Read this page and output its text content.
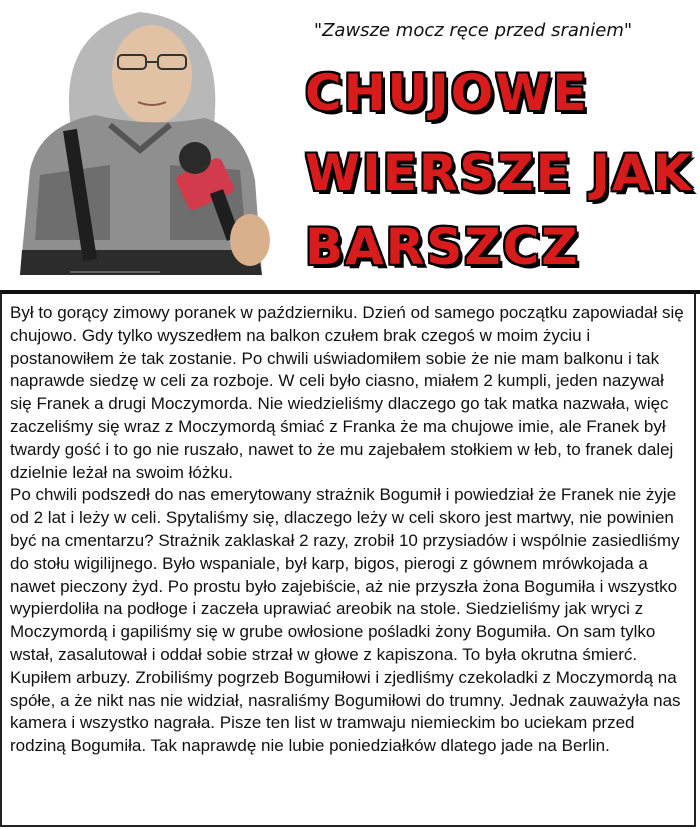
"Zawsze mocz ręce przed sraniem"
CHUJOWE
WIERSZE JAK
BARSZCZ
Był to gorący zimowy poranek w październiku. Dzień od samego początku zapowiadał się chujowo. Gdy tylko wyszedłem na balkon czułem brak czegoś w moim życiu i postanowiłem że tak zostanie. Po chwili uświadomiłem sobie że nie mam balkonu i tak naprawde siedzę w celi za rozboje. W celi było ciasno, miałem 2 kumpli, jeden nazywał się Franek a drugi Moczymorda. Nie wiedzieliśmy dlaczego go tak matka nazwała, więc zaczeliśmy się wraz z Moczymordą śmiać z Franka że ma chujowe imie, ale Franek był twardy gość i to go nie ruszało, nawet to że mu zajebałem stołkiem w łeb, to franek dalej dzielnie leżał na swoim łóżku.
Po chwili podszedł do nas emerytowany strażnik Bogumił i powiedział że Franek nie żyje od 2 lat i leży w celi. Spytaliśmy się, dlaczego leży w celi skoro jest martwy, nie powinien być na cmentarzu? Strażnik zaklaskał 2 razy, zrobił 10 przysiadów i wspólnie zasiedliśmy do stołu wigilijnego. Było wspaniale, był karp, bigos, pierogi z gównem mrówkojada a nawet pieczony żyd. Po prostu było zajebiście, aż nie przyszła żona Bogumiła i wszystko wypierdoliła na podłoge i zaczeła uprawiać areobik na stole. Siedzieliśmy jak wryci z Moczymordą i gapiliśmy się w grube owłosione pośladki żony Bogumiła. On sam tylko wstał, zasalutował i oddał sobie strzał w głowe z kapiszona. To była okrutna śmierć. Kupiłem arbuzy. Zrobiliśmy pogrzeb Bogumiłowi i zjedliśmy czekoladki z Moczymordą na spółe, a że nikt nas nie widział, nasraliśmy Bogumiłowi do trumny. Jednak zauważyła nas kamera i wszystko nagrała. Pisze ten list w tramwaju niemieckim bo uciekam przed rodziną Bogumiła. Tak naprawdę nie lubie poniedziałków dlatego jade na Berlin.
